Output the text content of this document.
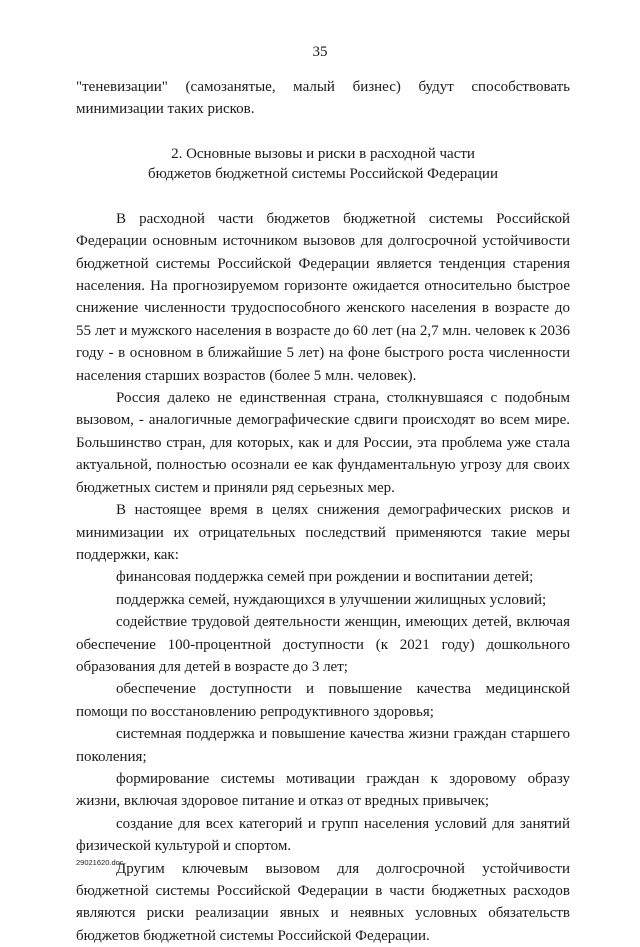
35

"теневизации" (самозанятые, малый бизнес) будут способствовать минимизации таких рисков.

2. Основные вызовы и риски в расходной части
бюджетов бюджетной системы Российской Федерации

В расходной части бюджетов бюджетной системы Российской Федерации основным источником вызовов для долгосрочной устойчивости бюджетной системы Российской Федерации является тенденция старения населения. На прогнозируемом горизонте ожидается относительно быстрое снижение численности трудоспособного женского населения в возрасте до 55 лет и мужского населения в возрасте до 60 лет (на 2,7 млн. человек к 2036 году - в основном в ближайшие 5 лет) на фоне быстрого роста численности населения старших возрастов (более 5 млн. человек).

Россия далеко не единственная страна, столкнувшаяся с подобным вызовом, - аналогичные демографические сдвиги происходят во всем мире. Большинство стран, для которых, как и для России, эта проблема уже стала актуальной, полностью осознали ее как фундаментальную угрозу для своих бюджетных систем и приняли ряд серьезных мер.

В настоящее время в целях снижения демографических рисков и минимизации их отрицательных последствий применяются такие меры поддержки, как:

финансовая поддержка семей при рождении и воспитании детей;

поддержка семей, нуждающихся в улучшении жилищных условий;

содействие трудовой деятельности женщин, имеющих детей, включая обеспечение 100-процентной доступности (к 2021 году) дошкольного образования для детей в возрасте до 3 лет;

обеспечение доступности и повышение качества медицинской помощи по восстановлению репродуктивного здоровья;

системная поддержка и повышение качества жизни граждан старшего поколения;

формирование системы мотивации граждан к здоровому образу жизни, включая здоровое питание и отказ от вредных привычек;

создание для всех категорий и групп населения условий для занятий физической культурой и спортом.

Другим ключевым вызовом для долгосрочной устойчивости бюджетной системы Российской Федерации в части бюджетных расходов являются риски реализации явных и неявных условных обязательств бюджетов бюджетной системы Российской Федерации.

29021620.doc
